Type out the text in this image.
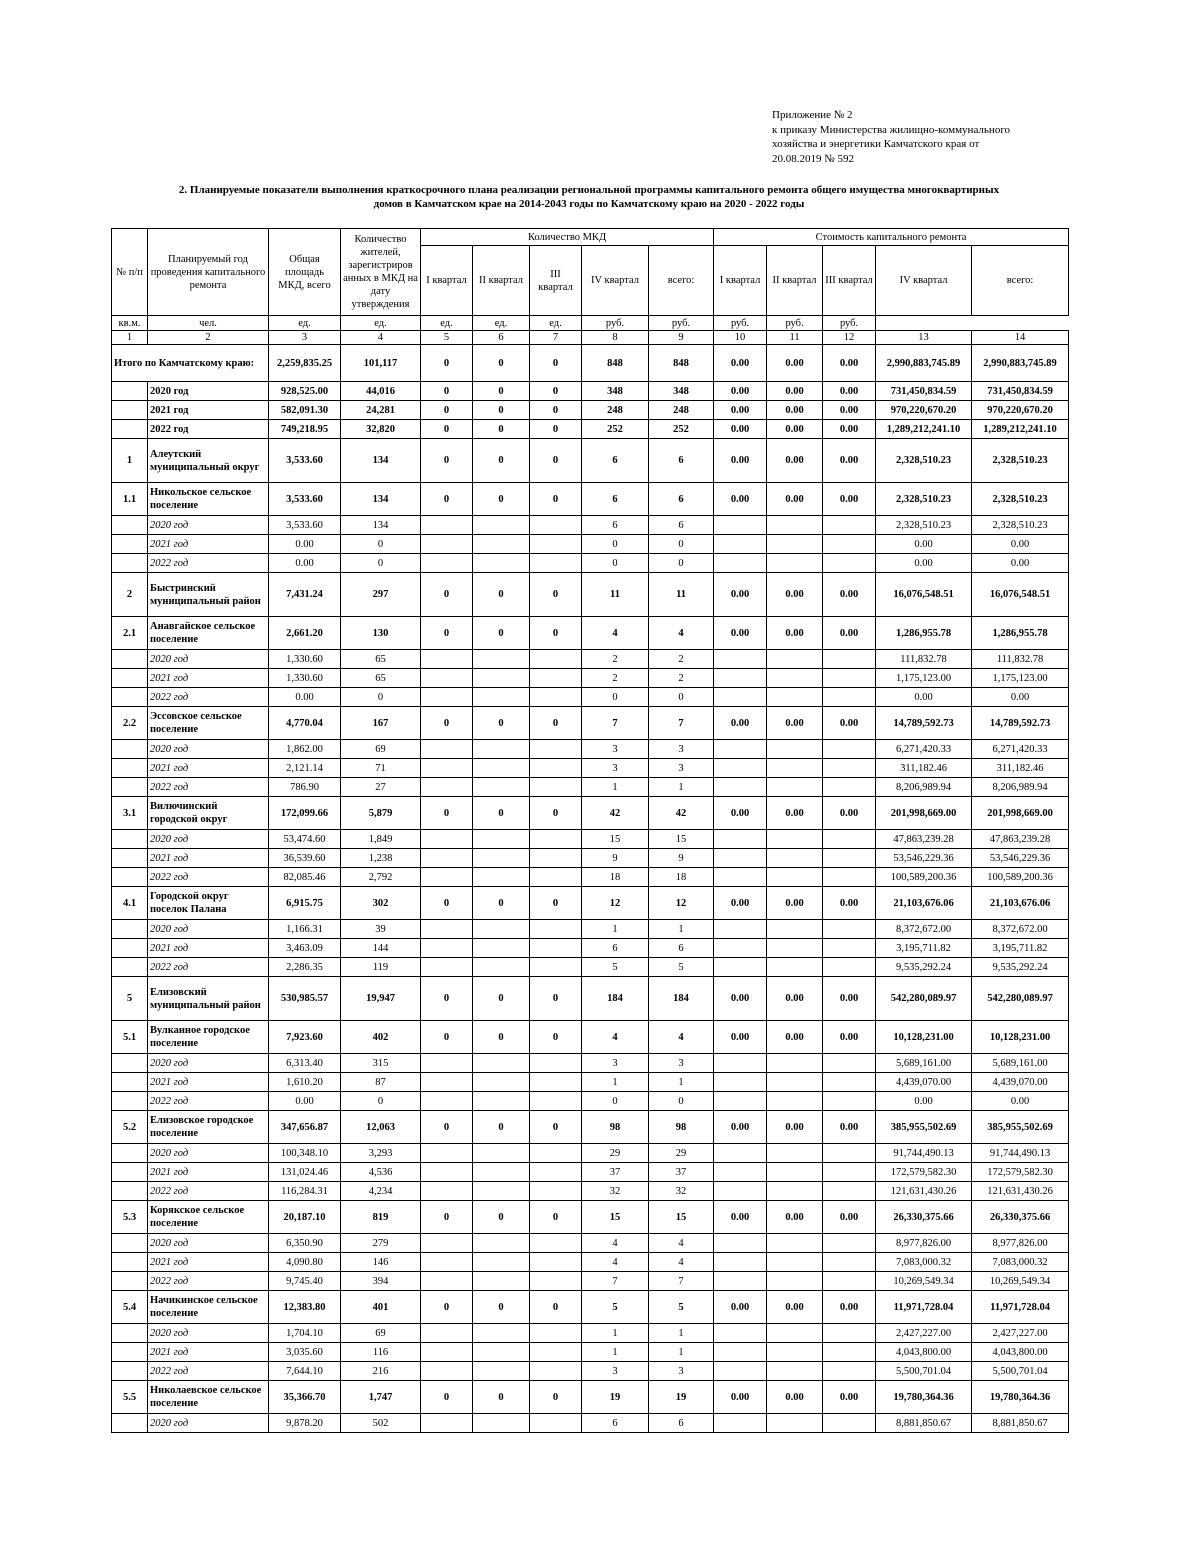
Приложение № 2
к приказу Министерства жилищно-коммунального
хозяйства и энергетики Камчатского края от
20.08.2019 № 592
2. Планируемые показатели выполнения краткосрочного плана реализации региональной программы капитального ремонта общего имущества многоквартирных
домов в Камчатском крае на 2014-2043 годы по Камчатскому краю на 2020 - 2022 годы
№ п/п	Планируемый год проведения капитального ремонта	Общая площадь МКД, всего	Количество жителей, зарегистриров анных в МКД на дату утверждения	Количество МКД					Стоимость капитального ремонта				
				I квартал	II квартал	III квартал	IV квартал	всего:	I квартал	II квартал	III квартал	IV квартал	всего:
кв.м.	чел.	ед.	ед.	ед.	ед.	ед.	руб.	руб.	руб.	руб.	руб.		
1	2	3	4	5	6	7	8	9	10	11	12	13	14
Итого по Камчатскому краю:		2,259,835.25	101,117	0	0	0	848	848	0.00	0.00	0.00	2,990,883,745.89	2,990,883,745.89

	2020 год	928,525.00	44,016	0	0	0	348	348	0.00	0.00	0.00	731,450,834.59	731,450,834.59

	2021 год	582,091.30	24,281	0	0	0	248	248	0.00	0.00	0.00	970,220,670.20	970,220,670.20

	2022 год	749,218.95	32,820	0	0	0	252	252	0.00	0.00	0.00	1,289,212,241.10	1,289,212,241.10
1	Алеутский муниципальный округ	3,533.60	134	0	0	0	6	6	0.00	0.00	0.00	2,328,510.23	2,328,510.23
1.1	Никольское сельское поселение	3,533.60	134	0	0	0	6	6	0.00	0.00	0.00	2,328,510.23	2,328,510.23

	2020 год	3,533.60	134				6	6				2,328,510.23	2,328,510.23

	2021 год	0.00	0				0	0				0.00	0.00

	2022 год	0.00	0				0	0				0.00	0.00
2	Быстринский муниципальный район	7,431.24	297	0	0	0	11	11	0.00	0.00	0.00	16,076,548.51	16,076,548.51
2.1	Анавгайское сельское поселение	2,661.20	130	0	0	0	4	4	0.00	0.00	0.00	1,286,955.78	1,286,955.78

	2020 год	1,330.60	65				2	2				111,832.78	111,832.78

	2021 год	1,330.60	65				2	2				1,175,123.00	1,175,123.00

	2022 год	0.00	0				0	0				0.00	0.00
2.2	Эссовское сельское поселение	4,770.04	167	0	0	0	7	7	0.00	0.00	0.00	14,789,592.73	14,789,592.73

	2020 год	1,862.00	69				3	3				6,271,420.33	6,271,420.33

	2021 год	2,121.14	71				3	3				311,182.46	311,182.46

	2022 год	786.90	27				1	1				8,206,989.94	8,206,989.94
3.1	Вилючинский городской округ	172,099.66	5,879	0	0	0	42	42	0.00	0.00	0.00	201,998,669.00	201,998,669.00

	2020 год	53,474.60	1,849				15	15				47,863,239.28	47,863,239.28

	2021 год	36,539.60	1,238				9	9				53,546,229.36	53,546,229.36

	2022 год	82,085.46	2,792				18	18				100,589,200.36	100,589,200.36
4.1	Городской округ поселок Палана	6,915.75	302	0	0	0	12	12	0.00	0.00	0.00	21,103,676.06	21,103,676.06

	2020 год	1,166.31	39				1	1				8,372,672.00	8,372,672.00

	2021 год	3,463.09	144				6	6				3,195,711.82	3,195,711.82

	2022 год	2,286.35	119				5	5				9,535,292.24	9,535,292.24
5	Елизовский муниципальный район	530,985.57	19,947	0	0	0	184	184	0.00	0.00	0.00	542,280,089.97	542,280,089.97
5.1	Вулканное городское поселение	7,923.60	402	0	0	0	4	4	0.00	0.00	0.00	10,128,231.00	10,128,231.00

	2020 год	6,313.40	315				3	3				5,689,161.00	5,689,161.00

	2021 год	1,610.20	87				1	1				4,439,070.00	4,439,070.00

	2022 год	0.00	0				0	0				0.00	0.00
5.2	Елизовское городское поселение	347,656.87	12,063	0	0	0	98	98	0.00	0.00	0.00	385,955,502.69	385,955,502.69

	2020 год	100,348.10	3,293				29	29				91,744,490.13	91,744,490.13

	2021 год	131,024.46	4,536				37	37				172,579,582.30	172,579,582.30

	2022 год	116,284.31	4,234				32	32				121,631,430.26	121,631,430.26
5.3	Корякское сельское поселение	20,187.10	819	0	0	0	15	15	0.00	0.00	0.00	26,330,375.66	26,330,375.66

	2020 год	6,350.90	279				4	4				8,977,826.00	8,977,826.00

	2021 год	4,090.80	146				4	4				7,083,000.32	7,083,000.32

	2022 год	9,745.40	394				7	7				10,269,549.34	10,269,549.34
5.4	Начикинское сельское поселение	12,383.80	401	0	0	0	5	5	0.00	0.00	0.00	11,971,728.04	11,971,728.04

	2020 год	1,704.10	69				1	1				2,427,227.00	2,427,227.00

	2021 год	3,035.60	116				1	1				4,043,800.00	4,043,800.00

	2022 год	7,644.10	216				3	3				5,500,701.04	5,500,701.04
5.5	Николаевское сельское поселение	35,366.70	1,747	0	0	0	19	19	0.00	0.00	0.00	19,780,364.36	19,780,364.36

	2020 год	9,878.20	502				6	6				8,881,850.67	8,881,850.67
